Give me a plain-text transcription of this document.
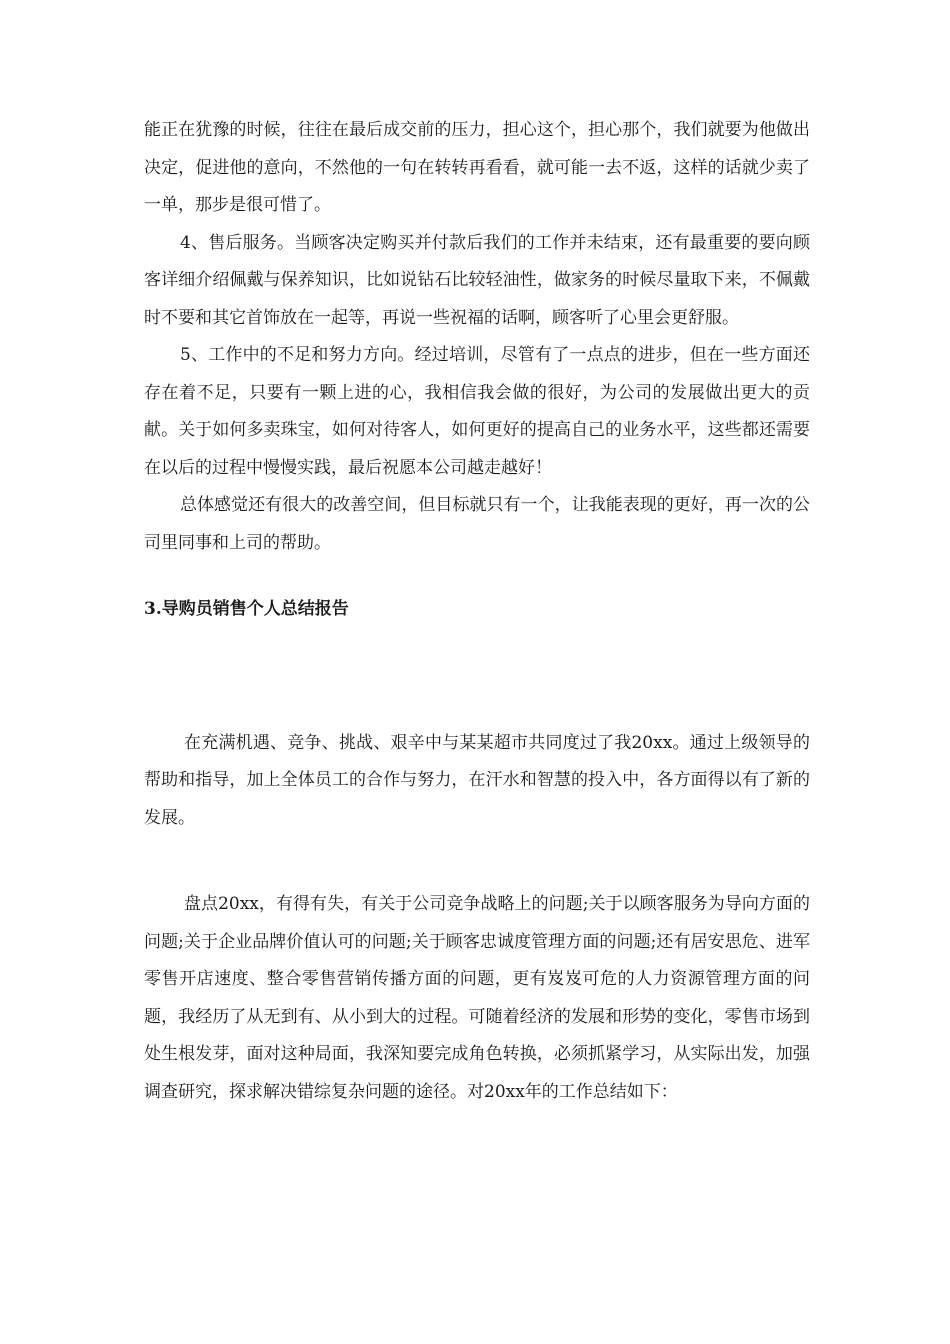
能正在犹豫的时候，往往在最后成交前的压力，担心这个，担心那个，我们就要为他做出决定，促进他的意向，不然他的一句在转转再看看，就可能一去不返，这样的话就少卖了一单，那步是很可惜了。

4、售后服务。当顾客决定购买并付款后我们的工作并未结束，还有最重要的要向顾客详细介绍佩戴与保养知识，比如说钻石比较轻油性，做家务的时候尽量取下来，不佩戴时不要和其它首饰放在一起等，再说一些祝福的话啊，顾客听了心里会更舒服。

5、工作中的不足和努力方向。经过培训，尽管有了一点点的进步，但在一些方面还存在着不足，只要有一颗上进的心，我相信我会做的很好，为公司的发展做出更大的贡献。关于如何多卖珠宝，如何对待客人，如何更好的提高自己的业务水平，这些都还需要在以后的过程中慢慢实践，最后祝愿本公司越走越好！

总体感觉还有很大的改善空间，但目标就只有一个，让我能表现的更好，再一次的公司里同事和上司的帮助。

3.导购员销售个人总结报告

在充满机遇、竞争、挑战、艰辛中与某某超市共同度过了我20xx。通过上级领导的帮助和指导，加上全体员工的合作与努力，在汗水和智慧的投入中，各方面得以有了新的发展。

盘点20xx，有得有失，有关于公司竞争战略上的问题;关于以顾客服务为导向方面的问题;关于企业品牌价值认可的问题;关于顾客忠诚度管理方面的问题;还有居安思危、进军零售开店速度、整合零售营销传播方面的问题，更有岌岌可危的人力资源管理方面的问题，我经历了从无到有、从小到大的过程。可随着经济的发展和形势的变化，零售市场到处生根发芽，面对这种局面，我深知要完成角色转换，必须抓紧学习，从实际出发，加强调查研究，探求解决错综复杂问题的途径。对20xx年的工作总结如下：
